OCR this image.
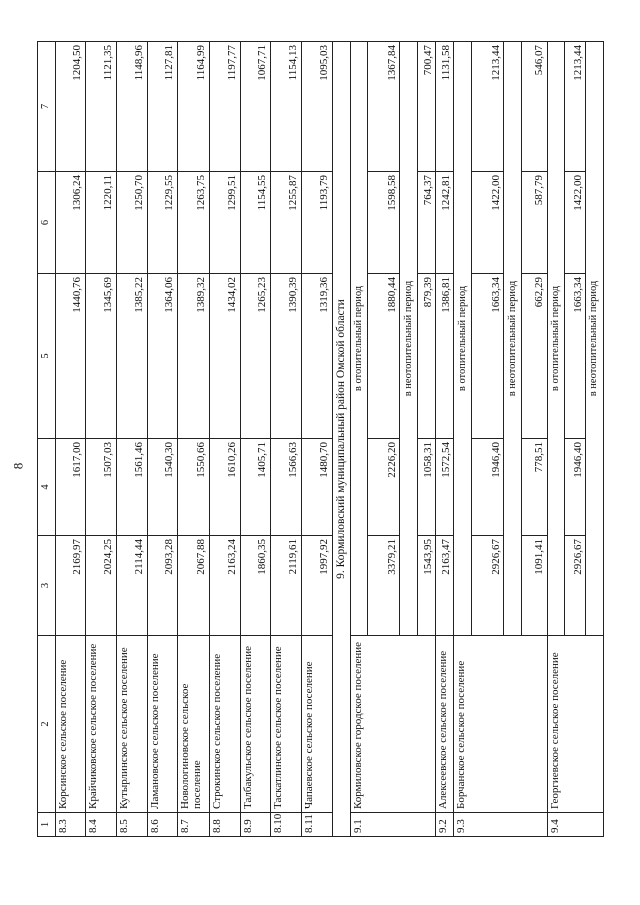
8
1	2	3	4	5	6	7
8.3	Корсинское сельское поселение	2169,97	1617,00	1440,76	1306,24	1204,50
8.4	Крайчиковское сельское поселение	2024,25	1507,03	1345,69	1220,11	1121,35
8.5	Кутырлинское сельское поселение	2114,44	1561,46	1385,22	1250,70	1148,96
8.6	Ламановское сельское поселение	2093,28	1540,30	1364,06	1229,55	1127,81
8.7	Новологиновское сельское поселение	2067,88	1550,66	1389,32	1263,75	1164,99
8.8	Строкинское сельское поселение	2163,24	1610,26	1434,02	1299,51	1197,77
8.9	Талбакульское сельское поселение	1860,35	1405,71	1265,23	1154,55	1067,71
8.10	Таскатлинское сельское поселение	2119,61	1566,63	1390,39	1255,87	1154,13
8.11	Чапаевское сельское поселение	1997,92	1480,70	1319,36	1193,79	1095,03
9. Кормиловский муниципальный район Омской области						
9.1	Кормиловское городское поселение	в отопительный период				
		3379,21	2226,20	1880,44	1598,58	1367,84
		в неотопительный период				
		1543,95	1058,31	879,39	764,37	700,47
9.2	Алексеевское сельское поселение	2163,47	1572,54	1386,81	1242,81	1131,58
9.3	Борчанское сельское поселение	в отопительный период				
		2926,67	1946,40	1663,34	1422,00	1213,44
		в неотопительный период				
		1091,41	778,51	662,29	587,79	546,07
9.4	Георгиевское сельское поселение	в отопительный период				
		2926,67	1946,40	1663,34	1422,00	1213,44
		в неотопительный период				
